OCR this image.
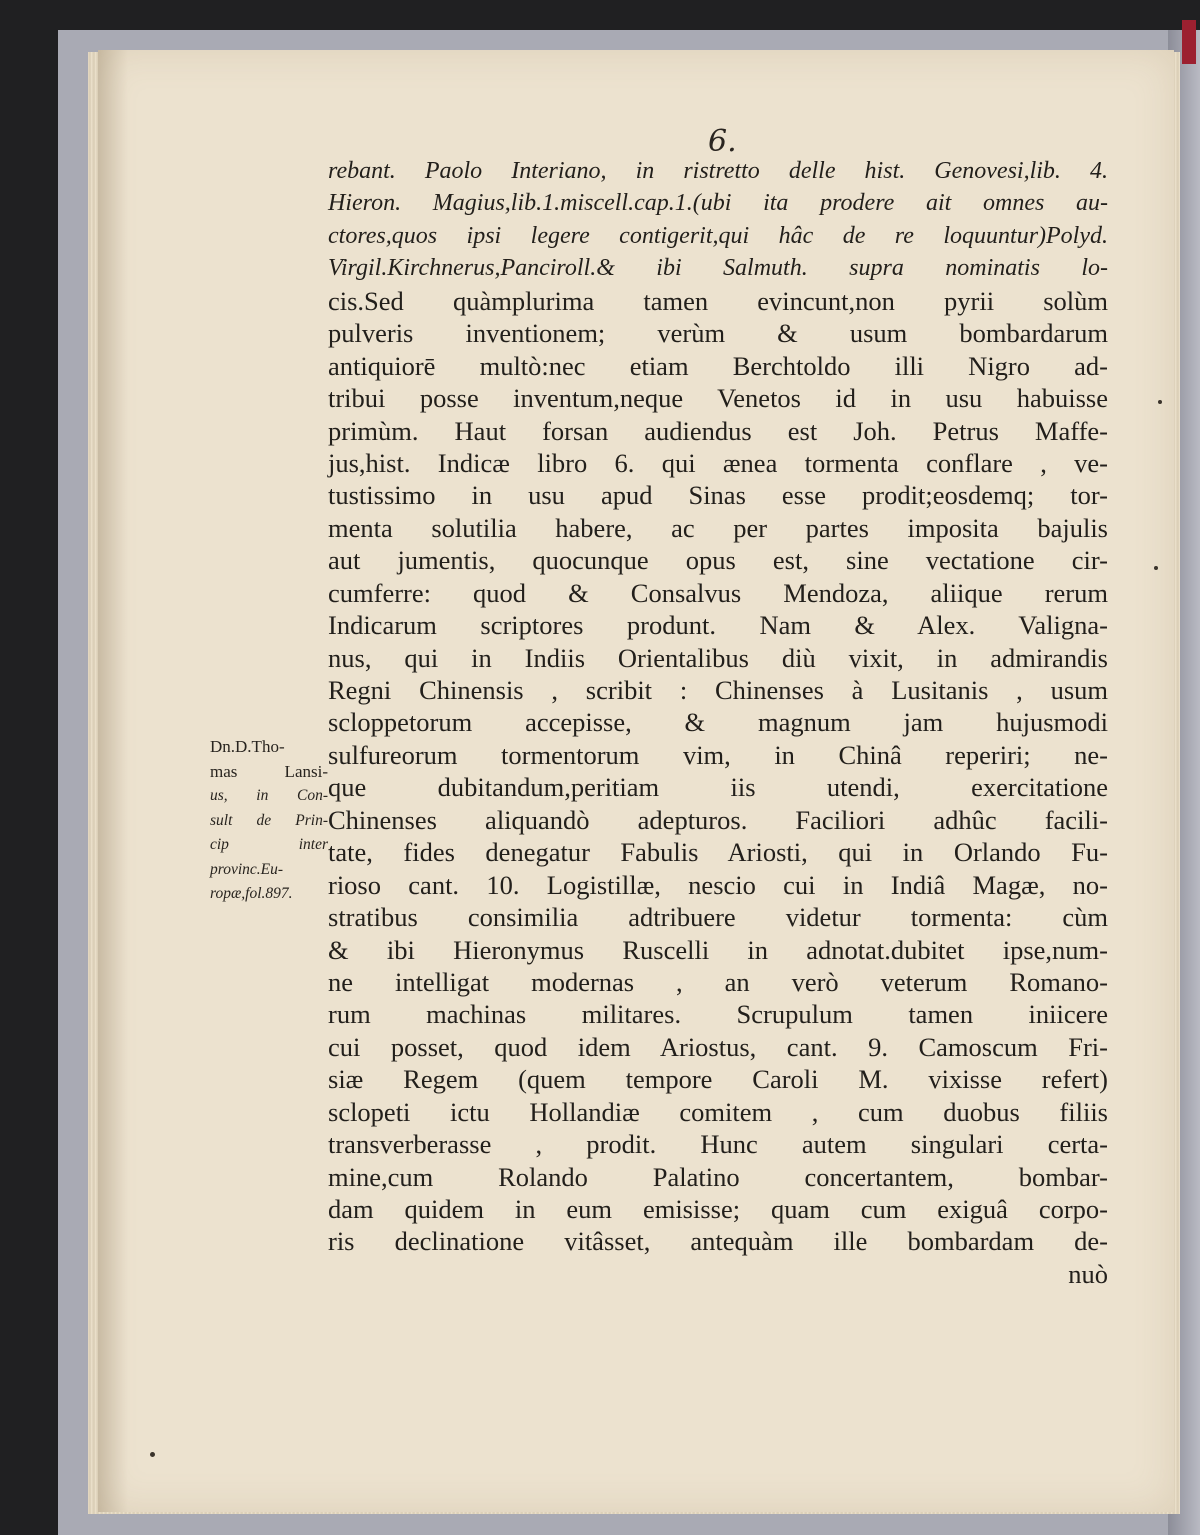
6.
rebant. Paolo Interiano, in ristretto delle hist. Genovesi,lib. 4.
Hieron. Magius,lib.1.miscell.cap.1.(ubi ita prodere ait omnes au-
ctores,quos ipsi legere contigerit,qui hâc de re loquuntur)Polyd.
Virgil.Kirchnerus,Panciroll.& ibi Salmuth. supra nominatis lo-
cis.Sed quàmplurima tamen evincunt,non pyrii solùm
pulveris inventionem; verùm & usum bombardarum
antiquiorē multò:nec etiam Berchtoldo illi Nigro ad-
tribui posse inventum,neque Venetos id in usu habuisse
primùm. Haut forsan audiendus est Joh. Petrus Maffe-
jus,hist. Indicæ libro 6. qui ænea tormenta conflare , ve-
tustissimo in usu apud Sinas esse prodit;eosdemq; tor-
menta solutilia habere, ac per partes imposita bajulis
aut jumentis, quocunque opus est, sine vectatione cir-
cumferre: quod & Consalvus Mendoza, aliique rerum
Indicarum scriptores produnt. Nam & Alex. Valigna-
nus, qui in Indiis Orientalibus diù vixit, in admirandis
Regni Chinensis , scribit : Chinenses à Lusitanis , usum
scloppetorum accepisse, & magnum jam hujusmodi
sulfureorum tormentorum vim, in Chinâ reperiri; ne-
que dubitandum,peritiam iis utendi, exercitatione
Chinenses aliquandò adepturos. Faciliori adhûc facili-
tate, fides denegatur Fabulis Ariosti, qui in Orlando Fu-
rioso cant. 10. Logistillæ, nescio cui in Indiâ Magæ, no-
stratibus consimilia adtribuere videtur tormenta: cùm
& ibi Hieronymus Ruscelli in adnotat.dubitet ipse,num-
ne intelligat modernas , an verò veterum Romano-
rum machinas militares. Scrupulum tamen iniicere
cui posset, quod idem Ariostus, cant. 9. Camoscum Fri-
siæ Regem (quem tempore Caroli M. vixisse refert)
sclopeti ictu Hollandiæ comitem , cum duobus filiis
transverberasse , prodit. Hunc autem singulari certa-
mine,cum Rolando Palatino concertantem, bombar-
dam quidem in eum emisisse; quam cum exiguâ corpo-
ris declinatione vitâsset, antequàm ille bombardam de-
nuò
Dn.D.Tho-
mas Lansi-
us, in Con-
sult de Prin-
cip inter
provinc.Eu-
ropæ,fol.897.
